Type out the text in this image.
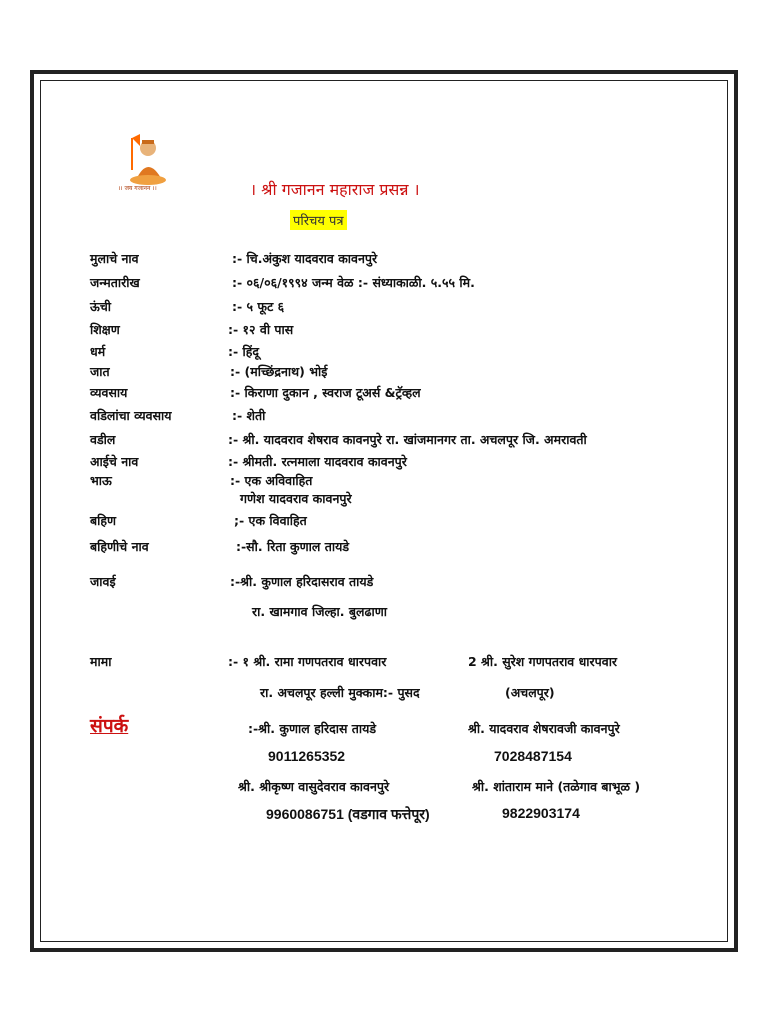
।। जय गजानन ।।	। श्री गजानन महाराज प्रसन्न ।
परिचय पत्र
मुलाचे नाव	:- चि.अंकुश यादवराव कावनपुरे
जन्मतारीख	:- ०६/०६/१९९४ जन्म वेळ :- संध्याकाळी. ५.५५ मि.
ऊंची	:- ५ फूट ६
शिक्षण	:- १२ वी पास
धर्म	:- हिंदू
जात	:- (मच्छिंद्रनाथ) भोई
व्यवसाय	:- किराणा दुकान , स्वराज टूअर्स &ट्रॅव्हल
वडिलांचा व्यवसाय	:- शेती
वडील	:- श्री. यादवराव शेषराव कावनपुरे रा. खांजमानगर ता. अचलपूर जि. अमरावती
आईचे नाव	:- श्रीमती. रत्नमाला यादवराव कावनपुरे
भाऊ	:- एक अविवाहित
गणेश यादवराव कावनपुरे
बहिण	;- एक विवाहित
बहिणीचे नाव	:-सौ. रिता कुणाल तायडे
जावई	:-श्री. कुणाल हरिदासराव तायडे
रा. खामगाव जिल्हा. बुलढाणा
मामा	:- १ श्री. रामा गणपतराव धारपवार	2 श्री. सुरेश गणपतराव धारपवार
रा. अचलपूर हल्ली मुक्काम:- पुसद	(अचलपूर)
संपर्क	:-श्री. कुणाल हरिदास तायडे
9011265352
श्री. यादवराव शेषरावजी कावनपुरे
7028487154
श्री. श्रीकृष्ण वासुदेवराव कावनपुरे
9960086751 (वडगाव फत्तेपूर)
श्री. शांताराम माने (तळेगाव बाभूळ )
9822903174
